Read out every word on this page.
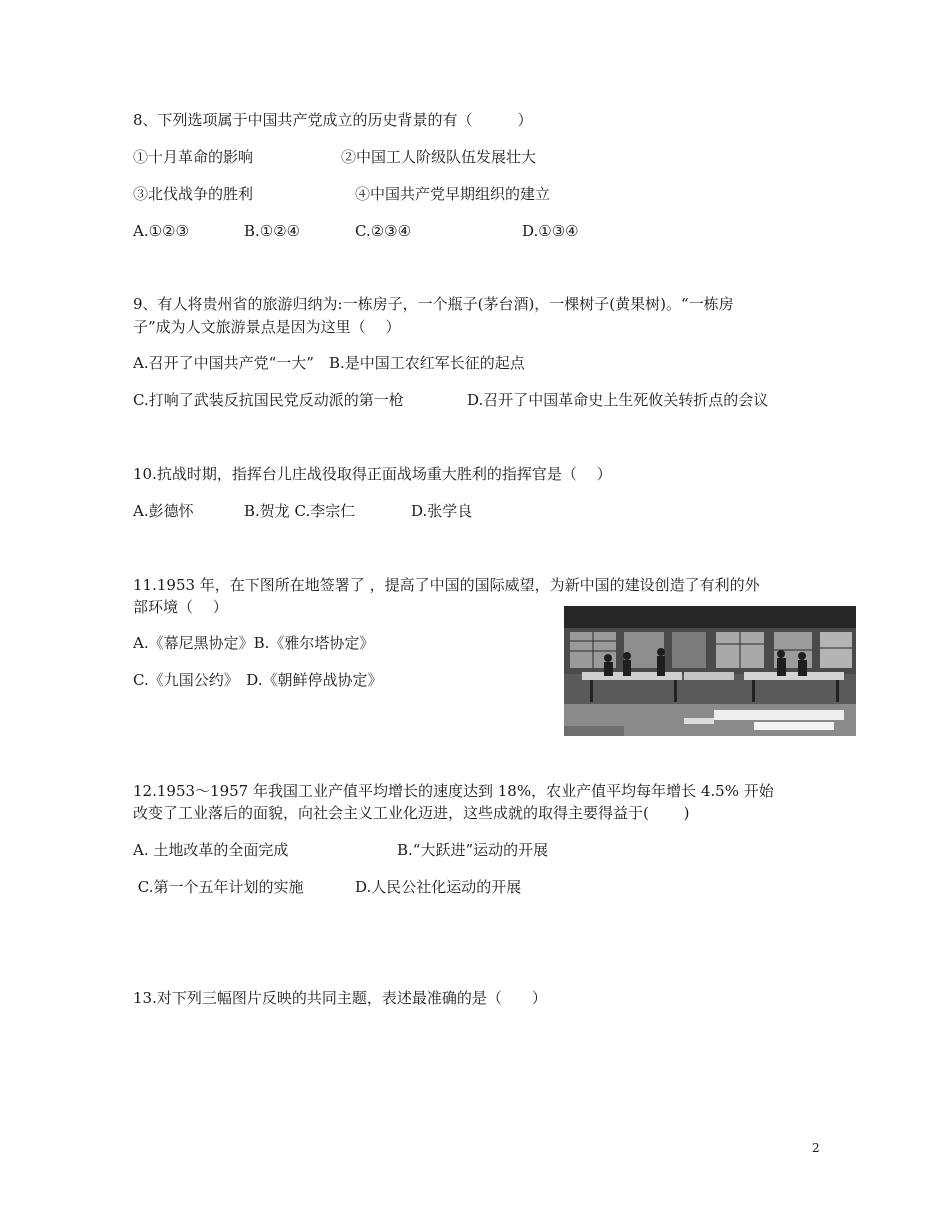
8、下列选项属于中国共产党成立的历史背景的有（　　　）
①十月革命的影响	②中国工人阶级队伍发展壮大
③北伐战争的胜利	④中国共产党早期组织的建立
A.①②③	B.①②④	C.②③④	D.①③④
9、有人将贵州省的旅游归纳为:一栋房子，一个瓶子(茅台酒)，一棵树子(黄果树)。“一栋房
子”成为人文旅游景点是因为这里（　 ）
A.召开了中国共产党“一大”　B.是中国工农红军长征的起点
C.打响了武装反抗国民党反动派的第一枪	D.召开了中国革命史上生死攸关转折点的会议
10.抗战时期，指挥台儿庄战役取得正面战场重大胜利的指挥官是（　 ）
A.彭德怀	B.贺龙 C.李宗仁	D.张学良
11.1953 年，在下图所在地签署了 ，提高了中国的国际威望，为新中国的建设创造了有利的外
部环境（　 ）
A.《幕尼黑协定》B.《雅尔塔协定》
C.《九国公约》　D.《朝鲜停战协定》
12.1953～1957 年我国工业产值平均增长的速度达到 18%，农业产值平均每年增长 4.5% 开始
改变了工业落后的面貌，向社会主义工业化迈进，这些成就的取得主要得益于(　　 )
A. 土地改革的全面完成	B.“大跃进”运动的开展
C.第一个五年计划的实施	D.人民公社化运动的开展
13.对下列三幅图片反映的共同主题，表述最准确的是（　　）
2
